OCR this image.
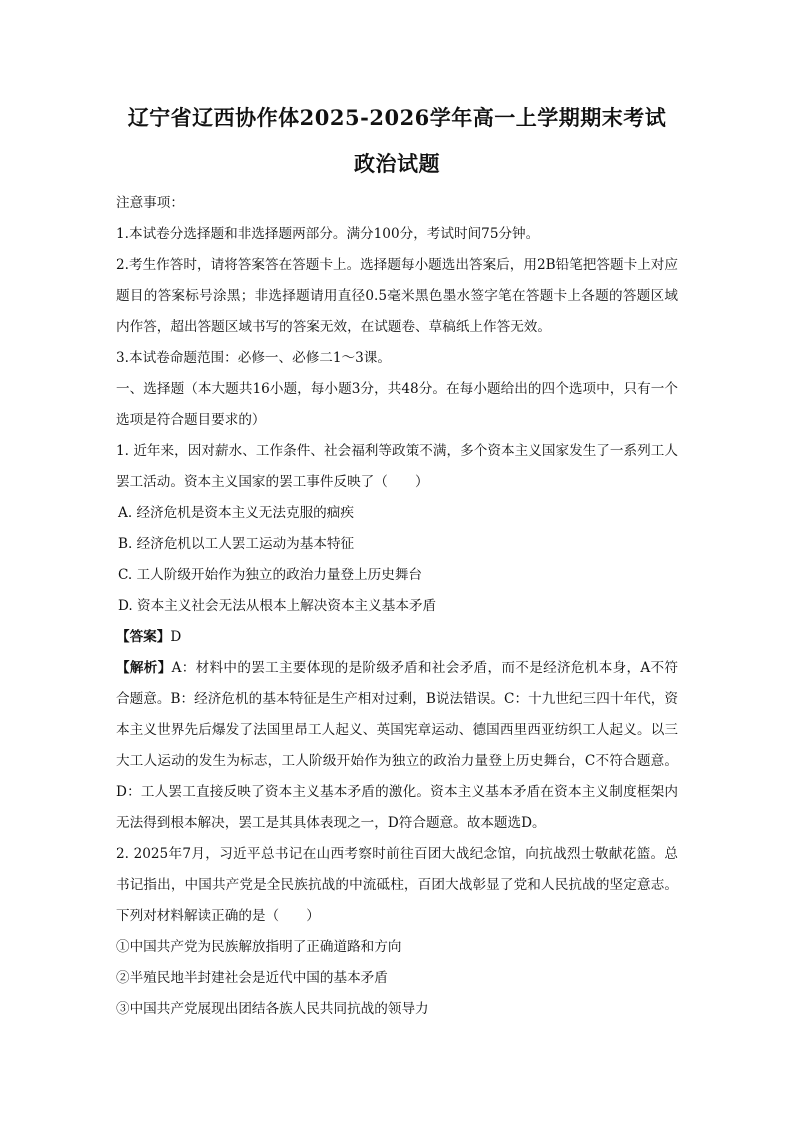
辽宁省辽西协作体2025-2026学年高一上学期期末考试

政治试题

注意事项：

1.本试卷分选择题和非选择题两部分。满分100分，考试时间75分钟。

2.考生作答时，请将答案答在答题卡上。选择题每小题选出答案后，用2B铅笔把答题卡上对应题目的答案标号涂黑；非选择题请用直径0.5毫米黑色墨水签字笔在答题卡上各题的答题区域内作答，超出答题区域书写的答案无效，在试题卷、草稿纸上作答无效。

3.本试卷命题范围：必修一、必修二1～3课。

一、选择题（本大题共16小题，每小题3分，共48分。在每小题给出的四个选项中，只有一个选项是符合题目要求的）

1. 近年来，因对薪水、工作条件、社会福利等政策不满，多个资本主义国家发生了一系列工人罢工活动。资本主义国家的罢工事件反映了（　　）

A. 经济危机是资本主义无法克服的痼疾

B. 经济危机以工人罢工运动为基本特征

C. 工人阶级开始作为独立的政治力量登上历史舞台

D. 资本主义社会无法从根本上解决资本主义基本矛盾

【答案】D

【解析】A：材料中的罢工主要体现的是阶级矛盾和社会矛盾，而不是经济危机本身，A不符合题意。B：经济危机的基本特征是生产相对过剩，B说法错误。C：十九世纪三四十年代，资本主义世界先后爆发了法国里昂工人起义、英国宪章运动、德国西里西亚纺织工人起义。以三大工人运动的发生为标志，工人阶级开始作为独立的政治力量登上历史舞台，C不符合题意。D：工人罢工直接反映了资本主义基本矛盾的激化。资本主义基本矛盾在资本主义制度框架内无法得到根本解决，罢工是其具体表现之一，D符合题意。故本题选D。

2. 2025年7月，习近平总书记在山西考察时前往百团大战纪念馆，向抗战烈士敬献花篮。总书记指出，中国共产党是全民族抗战的中流砥柱，百团大战彰显了党和人民抗战的坚定意志。下列对材料解读正确的是（　　）

①中国共产党为民族解放指明了正确道路和方向

②半殖民地半封建社会是近代中国的基本矛盾

③中国共产党展现出团结各族人民共同抗战的领导力
